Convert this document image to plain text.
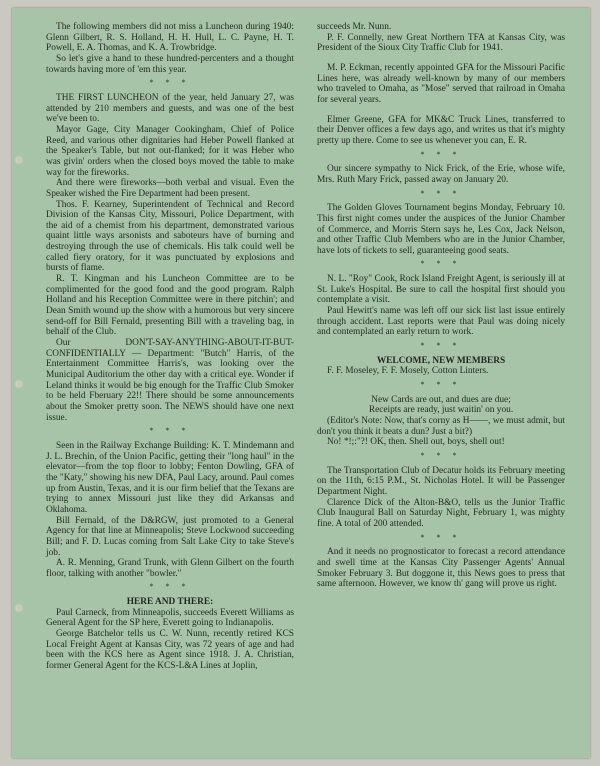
The following members did not miss a Luncheon during 1940: Glenn Gilbert, R. S. Holland, H. H. Hull, L. C. Payne, H. T. Powell, E. A. Thomas, and K. A. Trowbridge.

So let's give a hand to these hundred-percenters and a thought towards having more of 'em this year.

* * *

THE FIRST LUNCHEON of the year, held January 27, was attended by 210 members and guests, and was one of the best we've been to.

Mayor Gage, City Manager Cookingham, Chief of Police Reed, and various other dignitaries had Heber Powell flanked at the Speaker's Table, but not out-flanked; for it was Heber who was givin' orders when the closed boys moved the table to make way for the fireworks.

And there were fireworks—both verbal and visual. Even the Speaker wished the Fire Department had been present.

Thos. F. Kearney, Superintendent of Technical and Record Division of the Kansas City, Missouri, Police Department, with the aid of a chemist from his department, demonstrated various quaint little ways arsonists and saboteurs have of burning and destroying through the use of chemicals. His talk could well be called fiery oratory, for it was punctuated by explosions and bursts of flame.

R. T. Kingman and his Luncheon Committee are to be complimented for the good food and the good program. Ralph Holland and his Reception Committee were in there pitchin'; and Dean Smith wound up the show with a humorous but very sincere send-off for Bill Fernald, presenting Bill with a traveling bag, in behalf of the Club.

Our DON'T-SAY-ANYTHING-ABOUT-IT-BUT-CONFIDENTIALLY — Department: "Butch" Harris, of the Entertainment Committee Harris's, was looking over the Municipal Auditorium the other day with a critical eye. Wonder if Leland thinks it would be big enough for the Traffic Club Smoker to be held Fberuary 22!! There should be some announcements about the Smoker pretty soon. The NEWS should have one next issue.

* * *

Seen in the Railway Exchange Building: K. T. Mindemann and J. L. Brechin, of the Union Pacific, getting their "long haul" in the elevator—from the top floor to lobby; Fenton Dowling, GFA of the "Katy," showing his new DFA, Paul Lacy, around. Paul comes up from Austin, Texas, and it is our firm belief that the Texans are trying to annex Missouri just like they did Arkansas and Oklahoma.

Bill Fernald, of the D&RGW, just promoted to a General Agency for that line at Minneapolis; Steve Lockwood succeeding Bill; and F. D. Lucas coming from Salt Lake City to take Steve's job.

A. R. Menning, Grand Trunk, with Glenn Gilbert on the fourth floor, talking with another "bowler."

* * *

HERE AND THERE:

Paul Carneck, from Minneapolis, succeeds Everett Williams as General Agent for the SP here, Everett going to Indianapolis.

George Batchelor tells us C. W. Nunn, recently retired KCS Local Freight Agent at Kansas City, was 72 years of age and had been with the KCS here as Agent since 1918. J. A. Christian, former General Agent for the KCS-L&A Lines at Joplin,

succeeds Mr. Nunn.

P. F. Connelly, new Great Northern TFA at Kansas City, was President of the Sioux City Traffic Club for 1941.

M. P. Eckman, recently appointed GFA for the Missouri Pacific Lines here, was already well-known by many of our members who traveled to Omaha, as "Mose" served that railroad in Omaha for several years.

Elmer Greene, GFA for MK&C Truck Lines, transferred to their Denver offices a few days ago, and writes us that it's mighty pretty up there. Come to see us whenever you can, E. R.

* * *

Our sincere sympathy to Nick Frick, of the Erie, whose wife, Mrs. Ruth Mary Frick, passed away on January 20.

* * *

The Golden Gloves Tournament begins Monday, February 10. This first night comes under the auspices of the Junior Chamber of Commerce, and Morris Stern says he, Les Cox, Jack Nelson, and other Traffic Club Members who are in the Junior Chamber, have lots of tickets to sell, guaranteeing good seats.

* * *

N. L. "Roy" Cook, Rock Island Freight Agent, is seriously ill at St. Luke's Hospital. Be sure to call the hospital first should you contemplate a visit.

Paul Hewitt's name was left off our sick list last issue entirely through accident. Last reports were that Paul was doing nicely and contemplated an early return to work.

* * *

WELCOME, NEW MEMBERS

F. F. Moseley, F. F. Mosely, Cotton Linters.

* * *

New Cards are out, and dues are due;

Receipts are ready, just waitin' on you.

(Editor's Note: Now, that's corny as H——, we must admit, but don't you think it beats a dun? Just a bit?)

No! *!;:"?! OK, then. Shell out, boys, shell out!

* * *

The Transportation Club of Decatur holds its February meeting on the 11th, 6:15 P.M., St. Nicholas Hotel. It will be Passenger Department Night.

Clarence Dick of the Alton-B&O, tells us the Junior Traffic Club Inaugural Ball on Saturday Night, February 1, was mighty fine. A total of 200 attended.

* * *

And it needs no prognosticator to forecast a record attendance and swell time at the Kansas City Passenger Agents' Annual Smoker February 3. But doggone it, this News goes to press that same afternoon. However, we know th' gang will prove us right.
